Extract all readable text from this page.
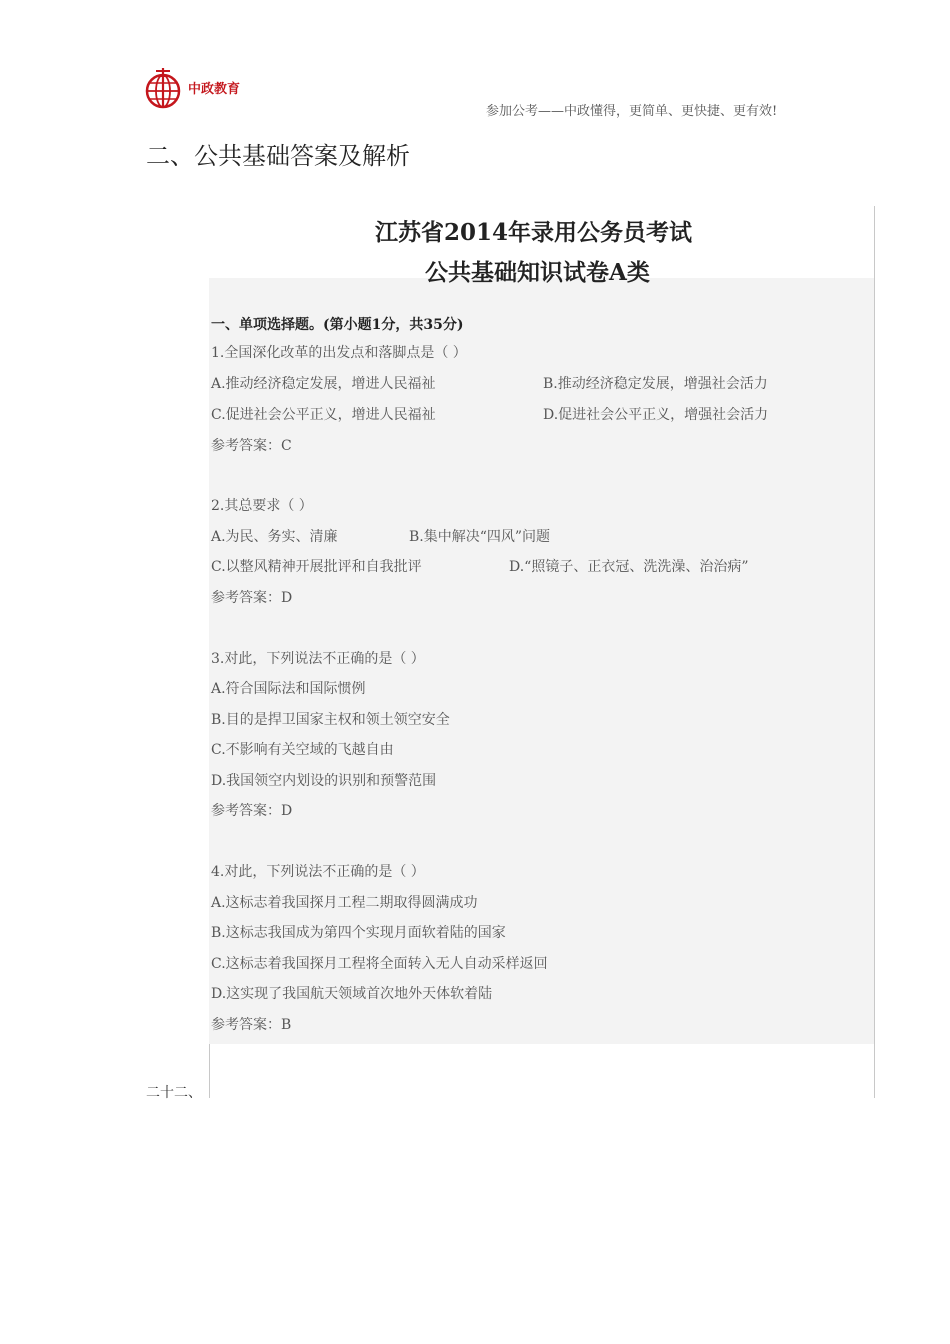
中政教育
参加公考——中政懂得，更简单、更快捷、更有效!
二、公共基础答案及解析
江苏省2014年录用公务员考试
公共基础知识试卷A类
一、单项选择题。(第小题1分，共35分)
1.全国深化改革的出发点和落脚点是（ ）
A.推动经济稳定发展，增进人民福祉	B.推动经济稳定发展，增强社会活力
C.促进社会公平正义，增进人民福祉	D.促进社会公平正义，增强社会活力
参考答案：C
2.其总要求（ ）
A.为民、务实、清廉	B.集中解决“四风”问题
C.以整风精神开展批评和自我批评	D.“照镜子、正衣冠、洗洗澡、治治病”
参考答案：D
3.对此，下列说法不正确的是（ ）
A.符合国际法和国际惯例
B.目的是捍卫国家主权和领土领空安全
C.不影响有关空域的飞越自由
D.我国领空内划设的识别和预警范围
参考答案：D
4.对此，下列说法不正确的是（ ）
A.这标志着我国探月工程二期取得圆满成功
B.这标志我国成为第四个实现月面软着陆的国家
C.这标志着我国探月工程将全面转入无人自动采样返回
D.这实现了我国航天领域首次地外天体软着陆
参考答案：B
二十二、
